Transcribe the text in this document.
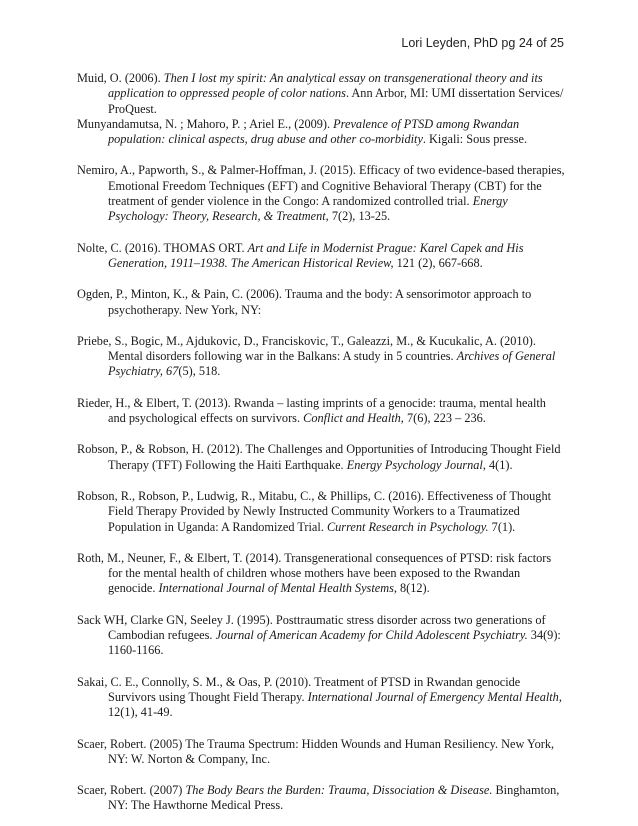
Lori Leyden, PhD pg 24 of 25

Muid, O. (2006). Then I lost my spirit: An analytical essay on transgenerational theory and its application to oppressed people of color nations. Ann Arbor, MI: UMI dissertation Services/ ProQuest.

Munyandamutsa, N. ; Mahoro, P. ; Ariel E., (2009). Prevalence of PTSD among Rwandan population: clinical aspects, drug abuse and other co-morbidity. Kigali: Sous presse.

Nemiro, A., Papworth, S., & Palmer-Hoffman, J. (2015). Efficacy of two evidence-based therapies, Emotional Freedom Techniques (EFT) and Cognitive Behavioral Therapy (CBT) for the treatment of gender violence in the Congo: A randomized controlled trial. Energy Psychology: Theory, Research, & Treatment, 7(2), 13-25.

Nolte, C. (2016). THOMAS ORT. Art and Life in Modernist Prague: Karel Capek and His Generation, 1911–1938. The American Historical Review, 121 (2), 667-668.

Ogden, P., Minton, K., & Pain, C. (2006). Trauma and the body: A sensorimotor approach to psychotherapy. New York, NY:

Priebe, S., Bogic, M., Ajdukovic, D., Franciskovic, T., Galeazzi, M., & Kucukalic, A. (2010). Mental disorders following war in the Balkans: A study in 5 countries. Archives of General Psychiatry, 67(5), 518.

Rieder, H., & Elbert, T. (2013). Rwanda – lasting imprints of a genocide: trauma, mental health and psychological effects on survivors. Conflict and Health, 7(6), 223 – 236.

Robson, P., & Robson, H. (2012). The Challenges and Opportunities of Introducing Thought Field Therapy (TFT) Following the Haiti Earthquake. Energy Psychology Journal, 4(1).

Robson, R., Robson, P., Ludwig, R., Mitabu, C., & Phillips, C. (2016). Effectiveness of Thought Field Therapy Provided by Newly Instructed Community Workers to a Traumatized Population in Uganda: A Randomized Trial. Current Research in Psychology. 7(1).

Roth, M., Neuner, F., & Elbert, T. (2014). Transgenerational consequences of PTSD: risk factors for the mental health of children whose mothers have been exposed to the Rwandan genocide. International Journal of Mental Health Systems, 8(12).

Sack WH, Clarke GN, Seeley J. (1995). Posttraumatic stress disorder across two generations of Cambodian refugees. Journal of American Academy for Child Adolescent Psychiatry. 34(9): 1160-1166.

Sakai, C. E., Connolly, S. M., & Oas, P. (2010). Treatment of PTSD in Rwandan genocide Survivors using Thought Field Therapy. International Journal of Emergency Mental Health, 12(1), 41-49.

Scaer, Robert. (2005) The Trauma Spectrum: Hidden Wounds and Human Resiliency. New York, NY: W. Norton & Company, Inc.

Scaer, Robert. (2007) The Body Bears the Burden: Trauma, Dissociation & Disease. Binghamton, NY: The Hawthorne Medical Press.
